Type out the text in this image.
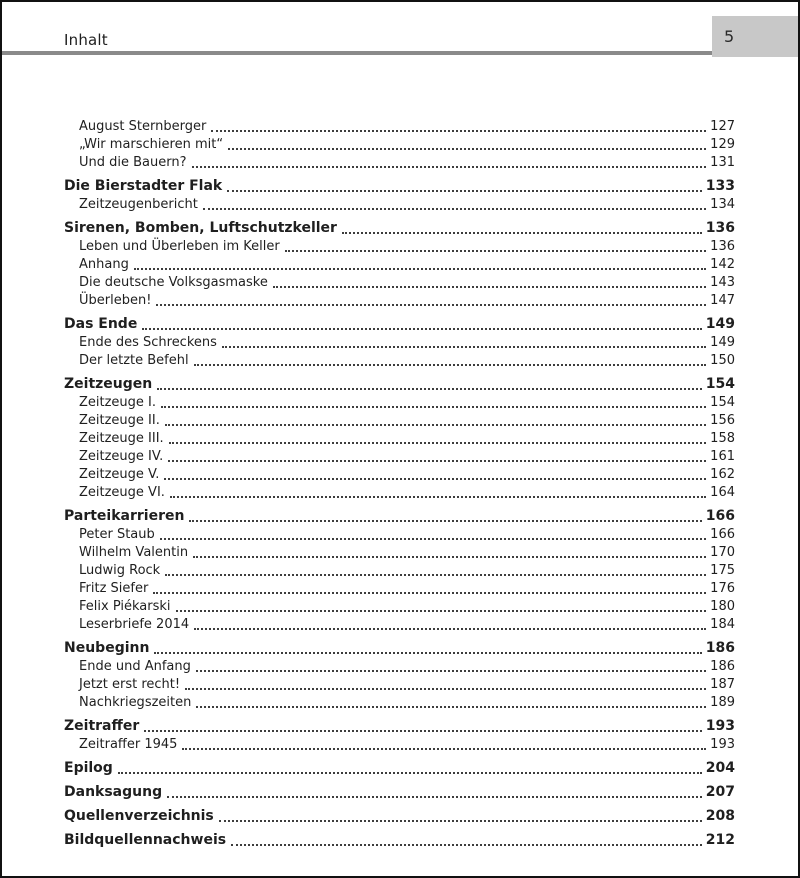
Inhalt	5
August Sternberger	127
„Wir marschieren mit“	129
Und die Bauern?	131
Die Bierstadter Flak	133
Zeitzeugenbericht	134
Sirenen, Bomben, Luftschutzkeller	136
Leben und Überleben im Keller	136
Anhang	142
Die deutsche Volksgasmaske	143
Überleben!	147
Das Ende	149
Ende des Schreckens	149
Der letzte Befehl	150
Zeitzeugen	154
Zeitzeuge I.	154
Zeitzeuge II.	156
Zeitzeuge III.	158
Zeitzeuge IV.	161
Zeitzeuge V.	162
Zeitzeuge VI.	164
Parteikarrieren	166
Peter Staub	166
Wilhelm Valentin	170
Ludwig Rock	175
Fritz Siefer	176
Felix Piékarski	180
Leserbriefe 2014	184
Neubeginn	186
Ende und Anfang	186
Jetzt erst recht!	187
Nachkriegszeiten	189
Zeitraffer	193
Zeitraffer 1945	193
Epilog	204
Danksagung	207
Quellenverzeichnis	208
Bildquellennachweis	212
